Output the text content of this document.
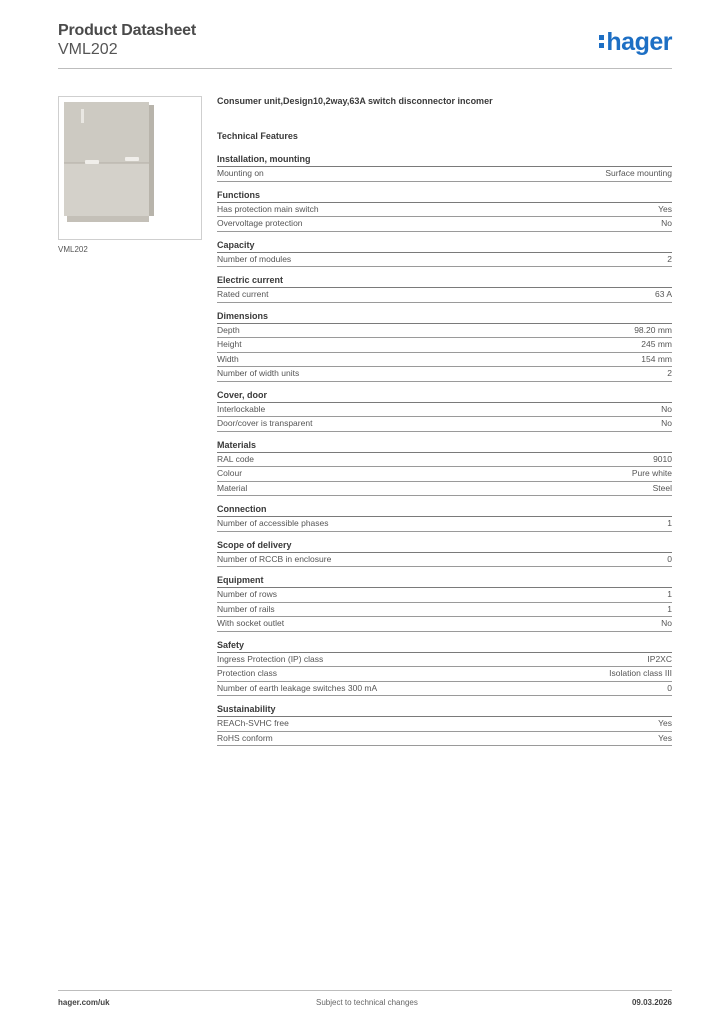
Product Datasheet
VML202	hager
VML202
Consumer unit,Design10,2way,63A switch disconnector incomer
Technical Features
Installation, mounting
Mounting on	Surface mounting
Functions
Has protection main switch	Yes
Overvoltage protection	No
Capacity
Number of modules	2
Electric current
Rated current	63 A
Dimensions
Depth	98.20 mm
Height	245 mm
Width	154 mm
Number of width units	2
Cover, door
Interlockable	No
Door/cover is transparent	No
Materials
RAL code	9010
Colour	Pure white
Material	Steel
Connection
Number of accessible phases	1
Scope of delivery
Number of RCCB in enclosure	0
Equipment
Number of rows	1
Number of rails	1
With socket outlet	No
Safety
Ingress Protection (IP) class	IP2XC
Protection class	Isolation class III
Number of earth leakage switches 300 mA	0
Sustainability
REACh-SVHC free	Yes
RoHS conform	Yes
hager.com/uk	Subject to technical changes	09.03.2026
